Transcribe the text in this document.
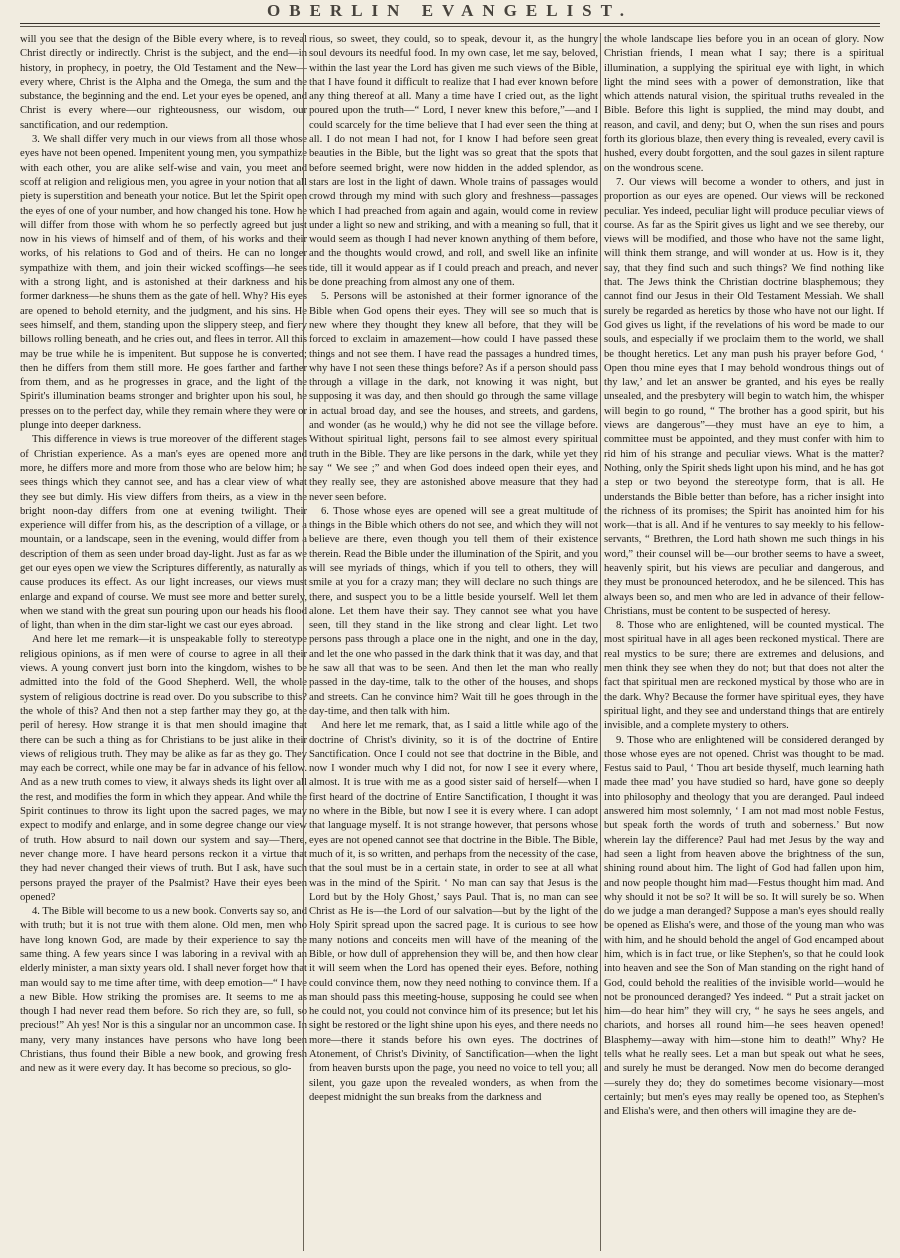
OBERLIN EVANGELIST.

will you see that the design of the Bible every where, is to reveal Christ directly or indirectly. Christ is the subject, and the end—in history, in prophecy, in poetry, the Old Testament and the New—every where, Christ is the Alpha and the Omega, the sum and the substance, the beginning and the end. Let your eyes be opened, and Christ is every where—our righteousness, our wisdom, our sanctification, and our redemption.

3. We shall differ very much in our views from all those whose eyes have not been opened. Impenitent young men, you sympathize with each other, you are alike self-wise and vain, you meet and scoff at religion and religious men, you agree in your notion that all piety is superstition and beneath your notice. But let the Spirit open the eyes of one of your number, and how changed his tone. How he will differ from those with whom he so perfectly agreed but just now in his views of himself and of them, of his works and their works, of his relations to God and of theirs. He can no longer sympathize with them, and join their wicked scoffings—he sees with a strong light, and is astonished at their darkness and his former darkness—he shuns them as the gate of hell. Why? His eyes are opened to behold eternity, and the judgment, and his sins. He sees himself, and them, standing upon the slippery steep, and fiery billows rolling beneath, and he cries out, and flees in terror. All this may be true while he is impenitent. But suppose he is converted; then he differs from them still more. He goes farther and farther from them, and as he progresses in grace, and the light of the Spirit's illumination beams stronger and brighter upon his soul, he presses on to the perfect day, while they remain where they were or plunge into deeper darkness.

This difference in views is true moreover of the different stages of Christian experience. As a man's eyes are opened more and more, he differs more and more from those who are below him; he sees things which they cannot see, and has a clear view of what they see but dimly. His view differs from theirs, as a view in the bright noon-day differs from one at evening twilight. Their experience will differ from his, as the description of a village, or a mountain, or a landscape, seen in the evening, would differ from a description of them as seen under broad day-light. Just as far as we get our eyes open we view the Scriptures differently, as naturally as cause produces its effect. As our light increases, our views must enlarge and expand of course. We must see more and better surely, when we stand with the great sun pouring upon our heads his flood of light, than when in the dim star-light we cast our eyes abroad.

And here let me remark—it is unspeakable folly to stereotype religious opinions, as if men were of course to agree in all their views. A young convert just born into the kingdom, wishes to be admitted into the fold of the Good Shepherd. Well, the whole system of religious doctrine is read over. Do you subscribe to this? the whole of this? And then not a step farther may they go, at the peril of heresy. How strange it is that men should imagine that there can be such a thing as for Christians to be just alike in their views of religious truth. They may be alike as far as they go. They may each be correct, while one may be far in advance of his fellow. And as a new truth comes to view, it always sheds its light over all the rest, and modifies the form in which they appear. And while the Spirit continues to throw its light upon the sacred pages, we may expect to modify and enlarge, and in some degree change our view of truth. How absurd to nail down our system and say—There, never change more. I have heard persons reckon it a virtue that they had never changed their views of truth. But I ask, have such persons prayed the prayer of the Psalmist? Have their eyes been opened?

4. The Bible will become to us a new book. Converts say so, and with truth; but it is not true with them alone. Old men, men who have long known God, are made by their experience to say the same thing. A few years since I was laboring in a revival with an elderly minister, a man sixty years old. I shall never forget how that man would say to me time after time, with deep emotion—“ I have a new Bible. How striking the promises are. It seems to me as though I had never read them before. So rich they are, so full, so precious!” Ah yes! Nor is this a singular nor an uncommon case. In many, very many instances have persons who have long been Christians, thus found their Bible a new book, and growing fresh and new as it were every day. It has become so precious, so glo-

rious, so sweet, they could, so to speak, devour it, as the hungry soul devours its needful food. In my own case, let me say, beloved, within the last year the Lord has given me such views of the Bible, that I have found it difficult to realize that I had ever known before any thing thereof at all. Many a time have I cried out, as the light poured upon the truth—“ Lord, I never knew this before,”—and I could scarcely for the time believe that I had ever seen the thing at all. I do not mean I had not, for I know I had before seen great beauties in the Bible, but the light was so great that the spots that before seemed bright, were now hidden in the added splendor, as stars are lost in the light of dawn. Whole trains of passages would crowd through my mind with such glory and freshness—passages which I had preached from again and again, would come in review under a light so new and striking, and with a meaning so full, that it would seem as though I had never known anything of them before, and the thoughts would crowd, and roll, and swell like an infinite tide, till it would appear as if I could preach and preach, and never be done preaching from almost any one of them.

5. Persons will be astonished at their former ignorance of the Bible when God opens their eyes. They will see so much that is new where they thought they knew all before, that they will be forced to exclaim in amazement—how could I have passed these things and not see them. I have read the passages a hundred times, why have I not seen these things before? As if a person should pass through a village in the dark, not knowing it was night, but supposing it was day, and then should go through the same village in actual broad day, and see the houses, and streets, and gardens, and wonder (as he would,) why he did not see the village before. Without spiritual light, persons fail to see almost every spiritual truth in the Bible. They are like persons in the dark, while yet they say “ We see ;” and when God does indeed open their eyes, and they really see, they are astonished above measure that they had never seen before.

6. Those whose eyes are opened will see a great multitude of things in the Bible which others do not see, and which they will not believe are there, even though you tell them of their existence therein. Read the Bible under the illumination of the Spirit, and you will see myriads of things, which if you tell to others, they will smile at you for a crazy man; they will declare no such things are there, and suspect you to be a little beside yourself. Well let them alone. Let them have their say. They cannot see what you have seen, till they stand in the like strong and clear light. Let two persons pass through a place one in the night, and one in the day, and let the one who passed in the dark think that it was day, and that he saw all that was to be seen. And then let the man who really passed in the day-time, talk to the other of the houses, and shops and streets. Can he convince him? Wait till he goes through in the day-time, and then talk with him.

And here let me remark, that, as I said a little while ago of the doctrine of Christ's divinity, so it is of the doctrine of Entire Sanctification. Once I could not see that doctrine in the Bible, and now I wonder much why I did not, for now I see it every where, almost. It is true with me as a good sister said of herself—when I first heard of the doctrine of Entire Sanctification, I thought it was no where in the Bible, but now I see it is every where. I can adopt that language myself. It is not strange however, that persons whose eyes are not opened cannot see that doctrine in the Bible. The Bible, much of it, is so written, and perhaps from the necessity of the case, that the soul must be in a certain state, in order to see at all what was in the mind of the Spirit. ‘ No man can say that Jesus is the Lord but by the Holy Ghost,’ says Paul. That is, no man can see Christ as He is—the Lord of our salvation—but by the light of the Holy Spirit spread upon the sacred page. It is curious to see how many notions and conceits men will have of the meaning of the Bible, or how dull of apprehension they will be, and then how clear it will seem when the Lord has opened their eyes. Before, nothing could convince them, now they need nothing to convince them. If a man should pass this meeting-house, supposing he could see when he could not, you could not convince him of its presence; but let his sight be restored or the light shine upon his eyes, and there needs no more—there it stands before his own eyes. The doctrines of Atonement, of Christ's Divinity, of Sanctification—when the light from heaven bursts upon the page, you need no voice to tell you; all silent, you gaze upon the revealed wonders, as when from the deepest midnight the sun breaks from the darkness and

the whole landscape lies before you in an ocean of glory. Now Christian friends, I mean what I say; there is a spiritual illumination, a supplying the spiritual eye with light, in which light the mind sees with a power of demonstration, like that which attends natural vision, the spiritual truths revealed in the Bible. Before this light is supplied, the mind may doubt, and reason, and cavil, and deny; but O, when the sun rises and pours forth its glorious blaze, then every thing is revealed, every cavil is hushed, every doubt forgotten, and the soul gazes in silent rapture on the wondrous scene.

7. Our views will become a wonder to others, and just in proportion as our eyes are opened. Our views will be reckoned peculiar. Yes indeed, peculiar light will produce peculiar views of course. As far as the Spirit gives us light and we see thereby, our views will be modified, and those who have not the same light, will think them strange, and will wonder at us. How is it, they say, that they find such and such things? We find nothing like that. The Jews think the Christian doctrine blasphemous; they cannot find our Jesus in their Old Testament Messiah. We shall surely be regarded as heretics by those who have not our light. If God gives us light, if the revelations of his word be made to our souls, and especially if we proclaim them to the world, we shall be thought heretics. Let any man push his prayer before God, ‘ Open thou mine eyes that I may behold wondrous things out of thy law,’ and let an answer be granted, and his eyes be really unsealed, and the presbytery will begin to watch him, the whisper will begin to go round, “ The brother has a good spirit, but his views are dangerous”—they must have an eye to him, a committee must be appointed, and they must confer with him to rid him of his strange and peculiar views. What is the matter? Nothing, only the Spirit sheds light upon his mind, and he has got a step or two beyond the stereotype form, that is all. He understands the Bible better than before, has a richer insight into the richness of its promises; the Spirit has anointed him for his work—that is all. And if he ventures to say meekly to his fellow-servants, “ Brethren, the Lord hath shown me such things in his word,” their counsel will be—our brother seems to have a sweet, heavenly spirit, but his views are peculiar and dangerous, and they must be pronounced heterodox, and he be silenced. This has always been so, and men who are led in advance of their fellow-Christians, must be content to be suspected of heresy.

8. Those who are enlightened, will be counted mystical. The most spiritual have in all ages been reckoned mystical. There are real mystics to be sure; there are extremes and delusions, and men think they see when they do not; but that does not alter the fact that spiritual men are reckoned mystical by those who are in the dark. Why? Because the former have spiritual eyes, they have spiritual light, and they see and understand things that are entirely invisible, and a complete mystery to others.

9. Those who are enlightened will be considered deranged by those whose eyes are not opened. Christ was thought to be mad. Festus said to Paul, ‘ Thou art beside thyself, much learning hath made thee mad’ you have studied so hard, have gone so deeply into philosophy and theology that you are deranged. Paul indeed answered him most solemnly, ‘ I am not mad most noble Festus, but speak forth the words of truth and soberness.’ But now wherein lay the difference? Paul had met Jesus by the way and had seen a light from heaven above the brightness of the sun, shining round about him. The light of God had fallen upon him, and now people thought him mad—Festus thought him mad. And why should it not be so? It will be so. It will surely be so. When do we judge a man deranged? Suppose a man's eyes should really be opened as Elisha's were, and those of the young man who was with him, and he should behold the angel of God encamped about him, which is in fact true, or like Stephen's, so that he could look into heaven and see the Son of Man standing on the right hand of God, could behold the realities of the invisible world—would he not be pronounced deranged? Yes indeed. “ Put a strait jacket on him—do hear him” they will cry, “ he says he sees angels, and chariots, and horses all round him—he sees heaven opened! Blasphemy—away with him—stone him to death!” Why? He tells what he really sees. Let a man but speak out what he sees, and surely he must be deranged. Now men do become deranged—surely they do; they do sometimes become visionary—most certainly; but men's eyes may really be opened too, as Stephen's and Elisha's were, and then others will imagine they are de-
